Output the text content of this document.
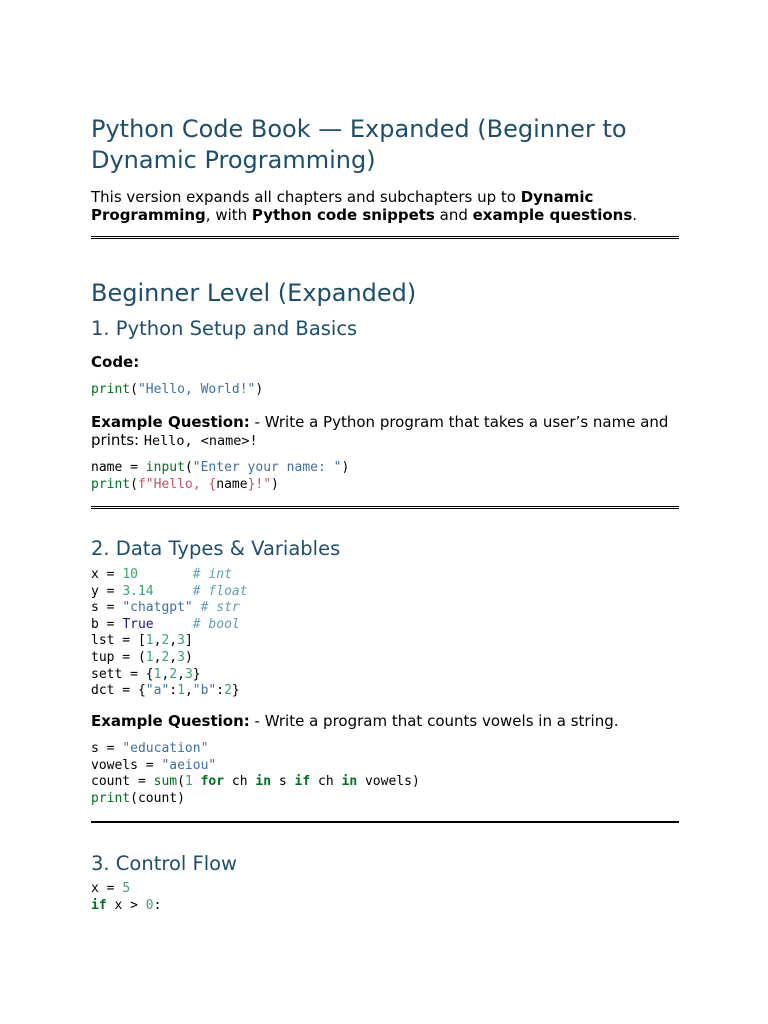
Python Code Book — Expanded (Beginner to Dynamic Programming)

This version expands all chapters and subchapters up to Dynamic Programming, with Python code snippets and example questions.

Beginner Level (Expanded)
1. Python Setup and Basics

Code:

print("Hello, World!")

Example Question: - Write a Python program that takes a user’s name and prints: Hello, <name>!

name = input("Enter your name: ")
print(f"Hello, {name}!")
2. Data Types & Variables
x = 10	# int
y = 3.14	# float
s = "chatgpt" # str
b = True	# bool
lst = [1,2,3]
tup = (1,2,3)
sett = {1,2,3}
dct = {"a":1,"b":2}

Example Question: - Write a program that counts vowels in a string.

s = "education"
vowels = "aeiou"
count = sum(1 for ch in s if ch in vowels)
print(count)
3. Control Flow
x = 5
if x > 0:
